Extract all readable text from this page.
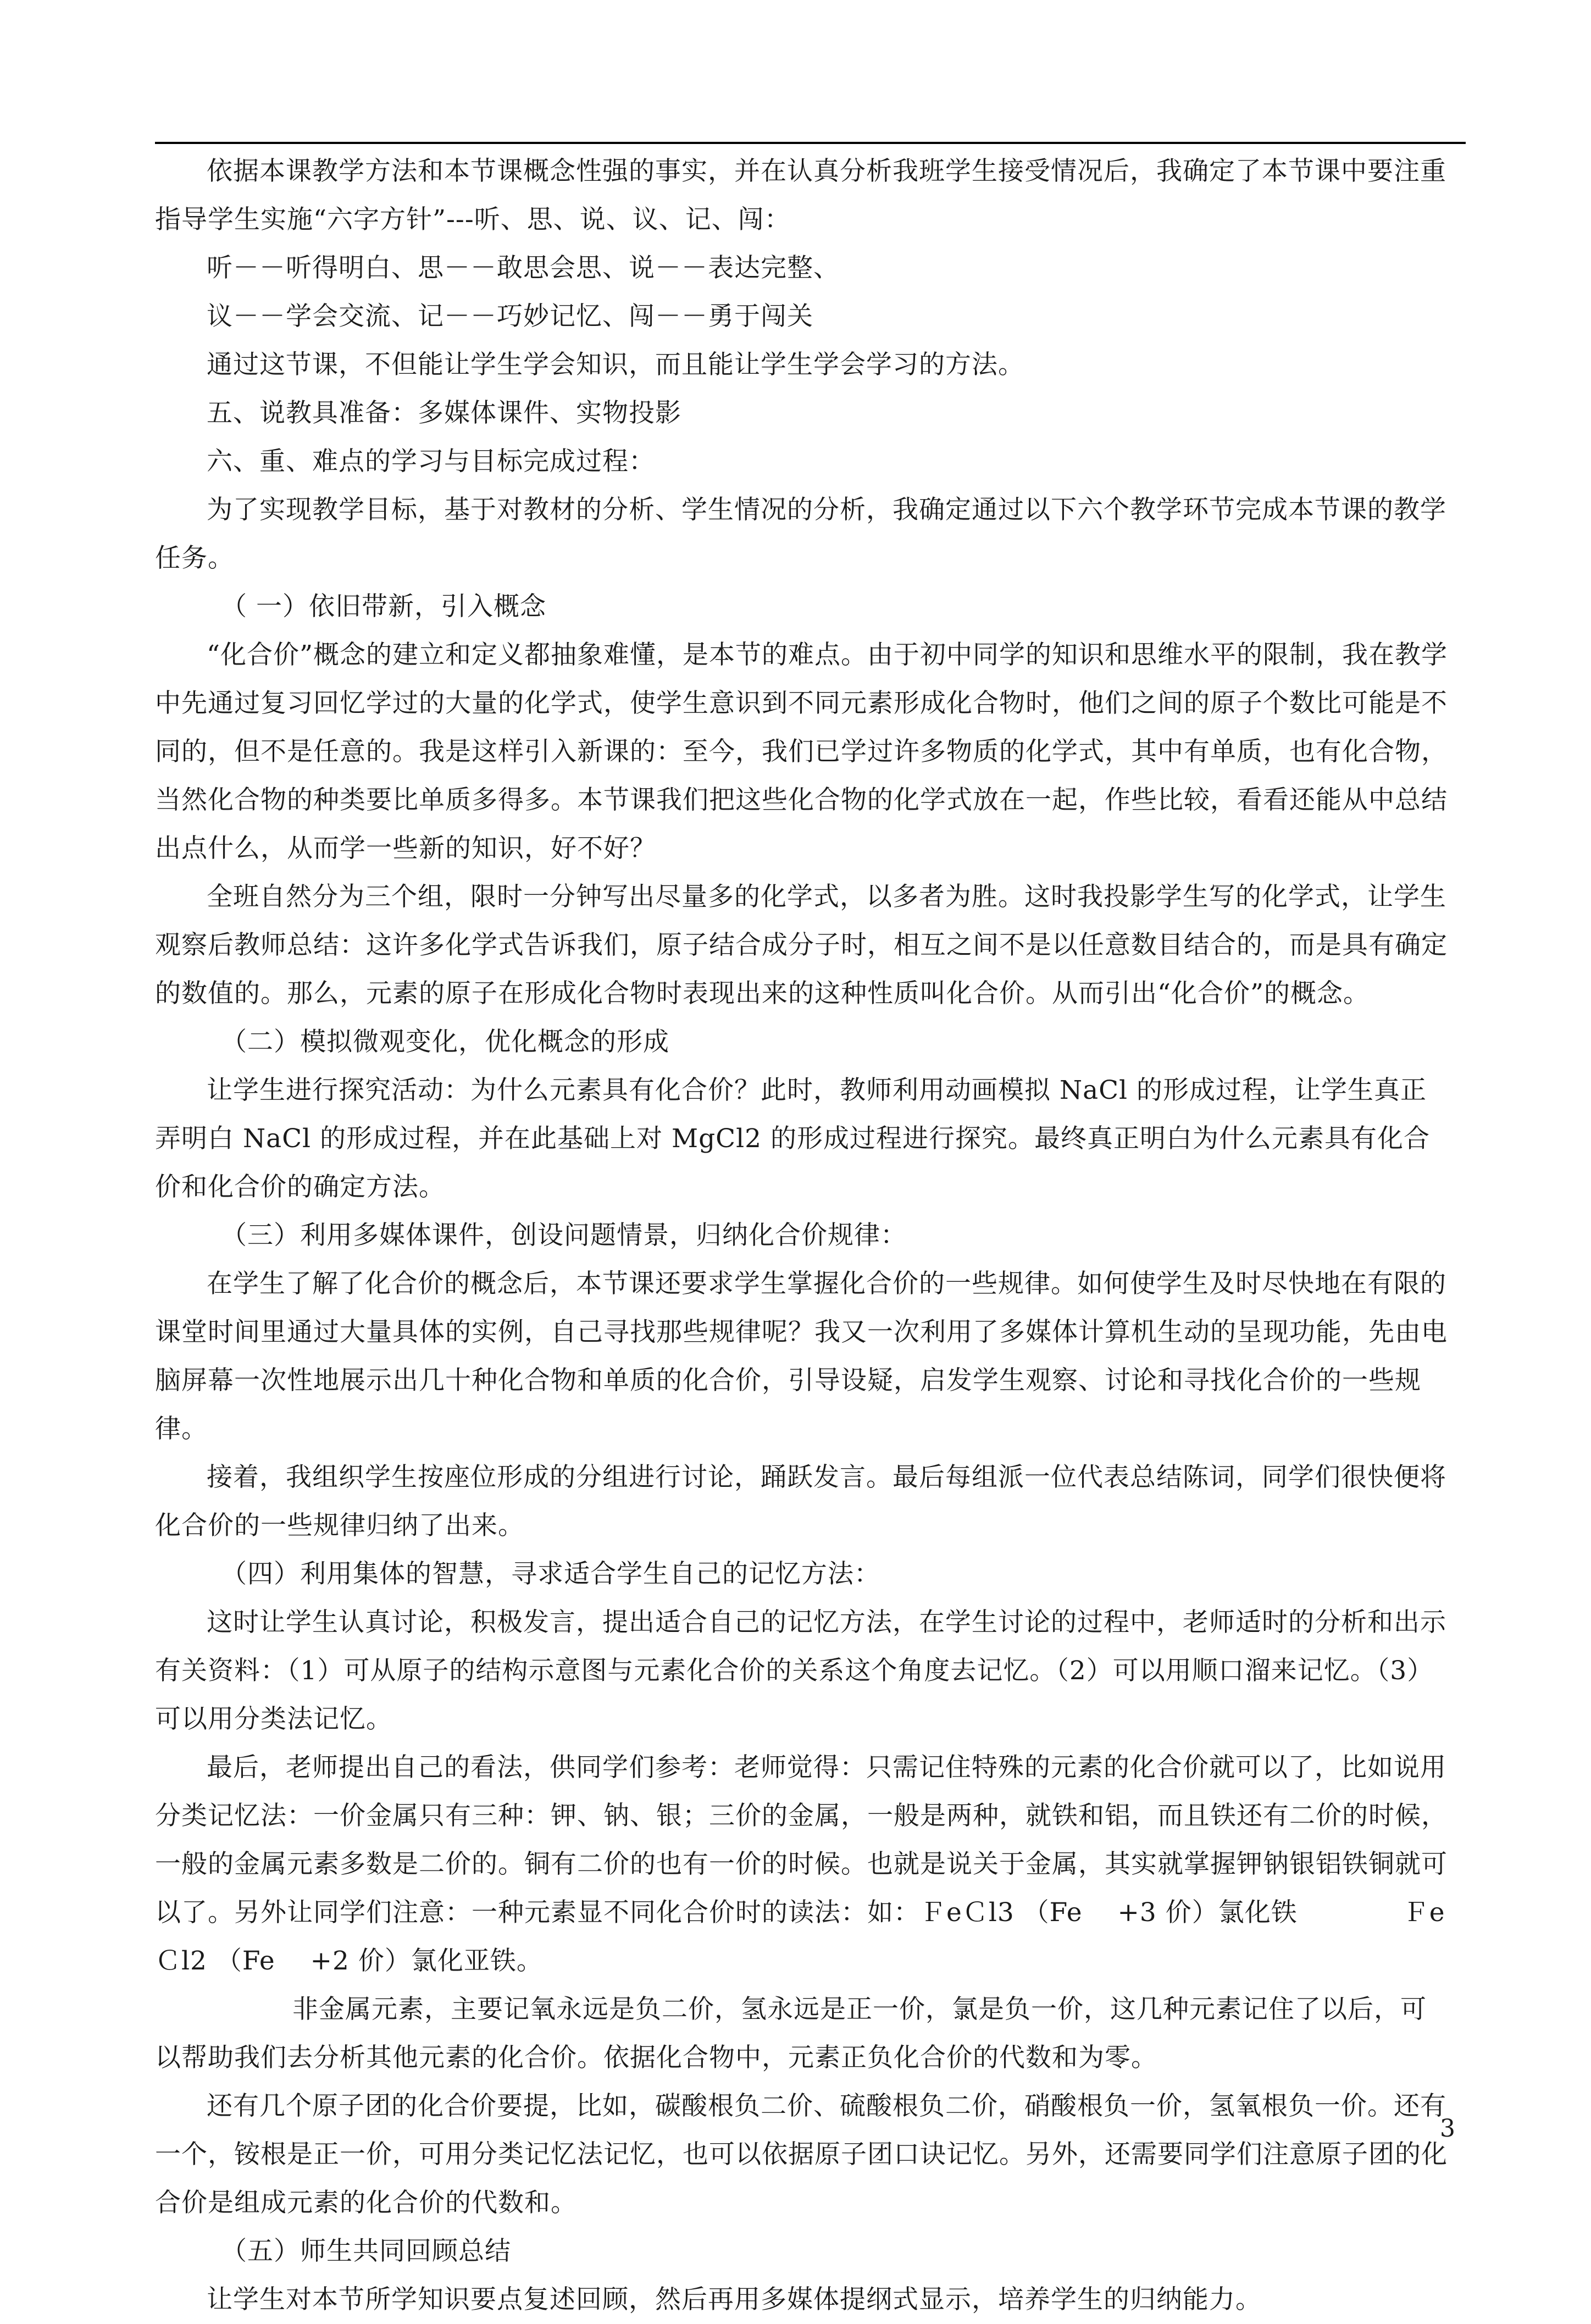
依据本课教学方法和本节课概念性强的事实，并在认真分析我班学生接受情况后，我确定了本节课中要注重指导学生实施“六字方针”---听、思、说、议、记、闯：

听－－听得明白、思－－敢思会思、说－－表达完整、

议－－学会交流、记－－巧妙记忆、闯－－勇于闯关

通过这节课，不但能让学生学会知识，而且能让学生学会学习的方法。

五、说教具准备：多媒体课件、实物投影

六、重、难点的学习与目标完成过程：

为了实现教学目标，基于对教材的分析、学生情况的分析，我确定通过以下六个教学环节完成本节课的教学任务。

（ 一）依旧带新，引入概念

“化合价”概念的建立和定义都抽象难懂，是本节的难点。由于初中同学的知识和思维水平的限制，我在教学中先通过复习回忆学过的大量的化学式，使学生意识到不同元素形成化合物时，他们之间的原子个数比可能是不同的，但不是任意的。我是这样引入新课的：至今，我们已学过许多物质的化学式，其中有单质，也有化合物，当然化合物的种类要比单质多得多。本节课我们把这些化合物的化学式放在一起，作些比较，看看还能从中总结出点什么，从而学一些新的知识，好不好？

全班自然分为三个组，限时一分钟写出尽量多的化学式，以多者为胜。这时我投影学生写的化学式，让学生观察后教师总结：这许多化学式告诉我们，原子结合成分子时，相互之间不是以任意数目结合的，而是具有确定的数值的。那么，元素的原子在形成化合物时表现出来的这种性质叫化合价。从而引出“化合价”的概念。

（二）模拟微观变化，优化概念的形成

让学生进行探究活动：为什么元素具有化合价？此时，教师利用动画模拟 NaCl 的形成过程，让学生真正弄明白 NaCl 的形成过程，并在此基础上对 MgCl2 的形成过程进行探究。最终真正明白为什么元素具有化合价和化合价的确定方法。

（三）利用多媒体课件，创设问题情景，归纳化合价规律：

在学生了解了化合价的概念后，本节课还要求学生掌握化合价的一些规律。如何使学生及时尽快地在有限的课堂时间里通过大量具体的实例，自己寻找那些规律呢？我又一次利用了多媒体计算机生动的呈现功能，先由电脑屏幕一次性地展示出几十种化合物和单质的化合价，引导设疑，启发学生观察、讨论和寻找化合价的一些规律。

接着，我组织学生按座位形成的分组进行讨论，踊跃发言。最后每组派一位代表总结陈词，同学们很快便将化合价的一些规律归纳了出来。

（四）利用集体的智慧，寻求适合学生自己的记忆方法：

这时让学生认真讨论，积极发言，提出适合自己的记忆方法，在学生讨论的过程中，老师适时的分析和出示有关资料：（1）可从原子的结构示意图与元素化合价的关系这个角度去记忆。（2）可以用顺口溜来记忆。（3）可以用分类法记忆。

最后，老师提出自己的看法，供同学们参考：老师觉得：只需记住特殊的元素的化合价就可以了，比如说用分类记忆法：一价金属只有三种：钾、钠、银；三价的金属，一般是两种，就铁和铝，而且铁还有二价的时候，一般的金属元素多数是二价的。铜有二价的也有一价的时候。也就是说关于金属，其实就掌握钾钠银铝铁铜就可以了。另外让同学们注意：一种元素显不同化合价时的读法：如：ＦeＣl3 （Fe　 +3 价）氯化铁　　　　ＦeＣl2 （Fe　 +2 价）氯化亚铁。

非金属元素，主要记氧永远是负二价，氢永远是正一价，氯是负一价，这几种元素记住了以后，可以帮助我们去分析其他元素的化合价。依据化合物中，元素正负化合价的代数和为零。

还有几个原子团的化合价要提，比如，碳酸根负二价、硫酸根负二价，硝酸根负一价，氢氧根负一价。还有一个，铵根是正一价，可用分类记忆法记忆，也可以依据原子团口诀记忆。另外，还需要同学们注意原子团的化合价是组成元素的化合价的代数和。

（五）师生共同回顾总结

让学生对本节所学知识要点复述回顾，然后再用多媒体提纲式显示，培养学生的归纳能力。

3
